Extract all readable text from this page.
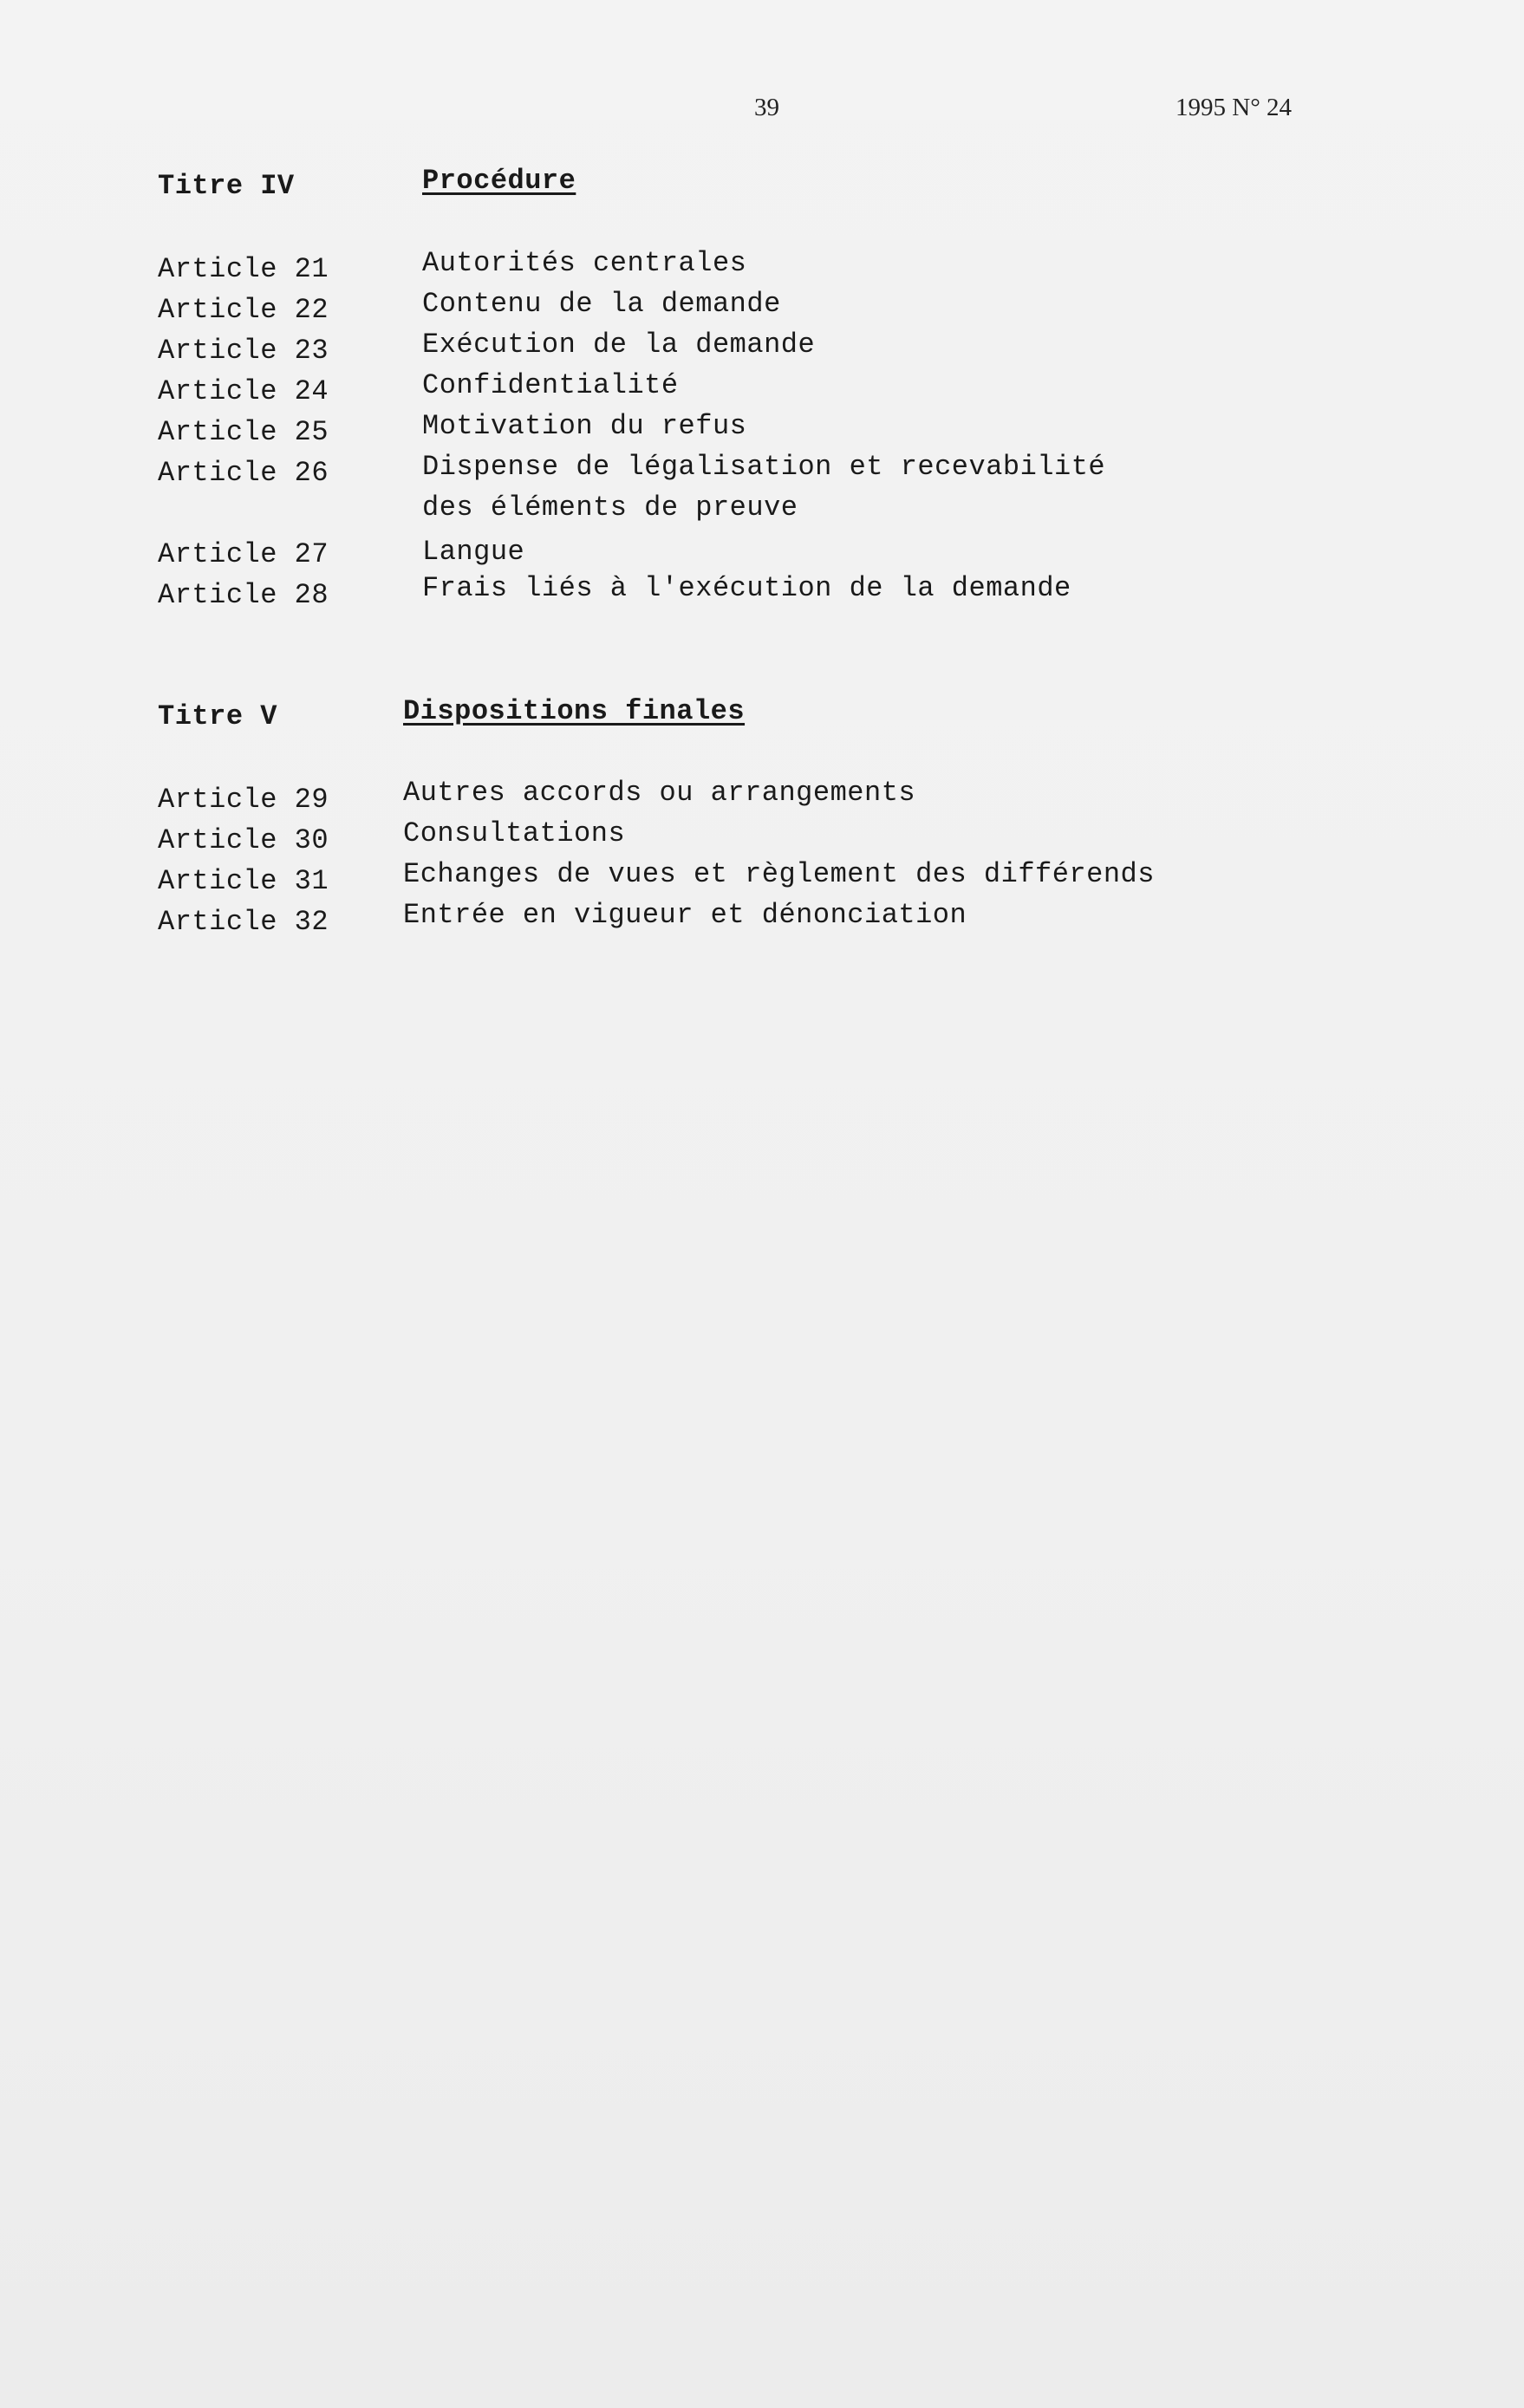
39	1995 N° 24
Titre IV	Procédure
Article 21	Autorités centrales
Article 22	Contenu de la demande
Article 23	Exécution de la demande
Article 24	Confidentialité
Article 25	Motivation du refus
Article 26	Dispense de légalisation et recevabilité
des éléments de preuve
Article 27	Langue
Article 28	Frais liés à l'exécution de la demande
Titre V	Dispositions finales
Article 29	Autres accords ou arrangements
Article 30	Consultations
Article 31	Echanges de vues et règlement des différends
Article 32	Entrée en vigueur et dénonciation
